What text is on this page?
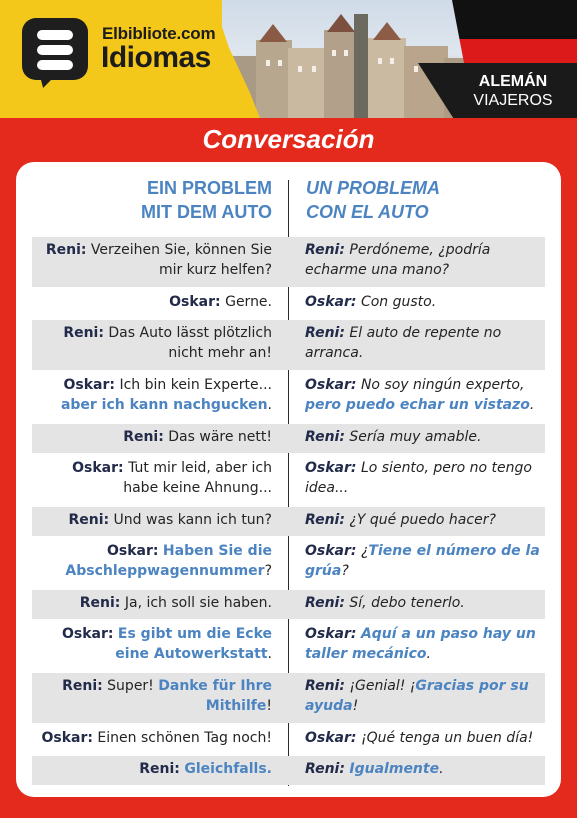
Elbibliote.com
Idiomas
ALEMÁN
VIAJEROS
Conversación
EIN PROBLEM
MIT DEM AUTO
UN PROBLEMA
CON EL AUTO
Reni: Verzeihen Sie, können Sie
mir kurz helfen?
Reni: Perdóneme, ¿podría
echarme una mano?
Oskar: Gerne. Oskar: Con gusto.
Reni: Das Auto lässt plötzlich
nicht mehr an!
Reni: El auto de repente no
arranca.
Oskar: Ich bin kein Experte...
aber ich kann nachgucken.
Oskar: No soy ningún experto,
pero puedo echar un vistazo.
Reni: Das wäre nett! Reni: Sería muy amable.
Oskar: Tut mir leid, aber ich
habe keine Ahnung...
Oskar: Lo siento, pero no tengo
idea...
Reni: Und was kann ich tun? Reni: ¿Y qué puedo hacer?
Oskar: Haben Sie die
Abschleppwagennummer?
Oskar: ¿Tiene el número de la
grúa?
Reni: Ja, ich soll sie haben. Reni: Sí, debo tenerlo.
Oskar: Es gibt um die Ecke
eine Autowerkstatt.
Oskar: Aquí a un paso hay un
taller mecánico.
Reni: Super! Danke für Ihre
Mithilfe!
Reni: ¡Genial! ¡Gracias por su
ayuda!
Oskar: Einen schönen Tag noch! Oskar: ¡Qué tenga un buen día!
Reni: Gleichfalls. Reni: Igualmente.
